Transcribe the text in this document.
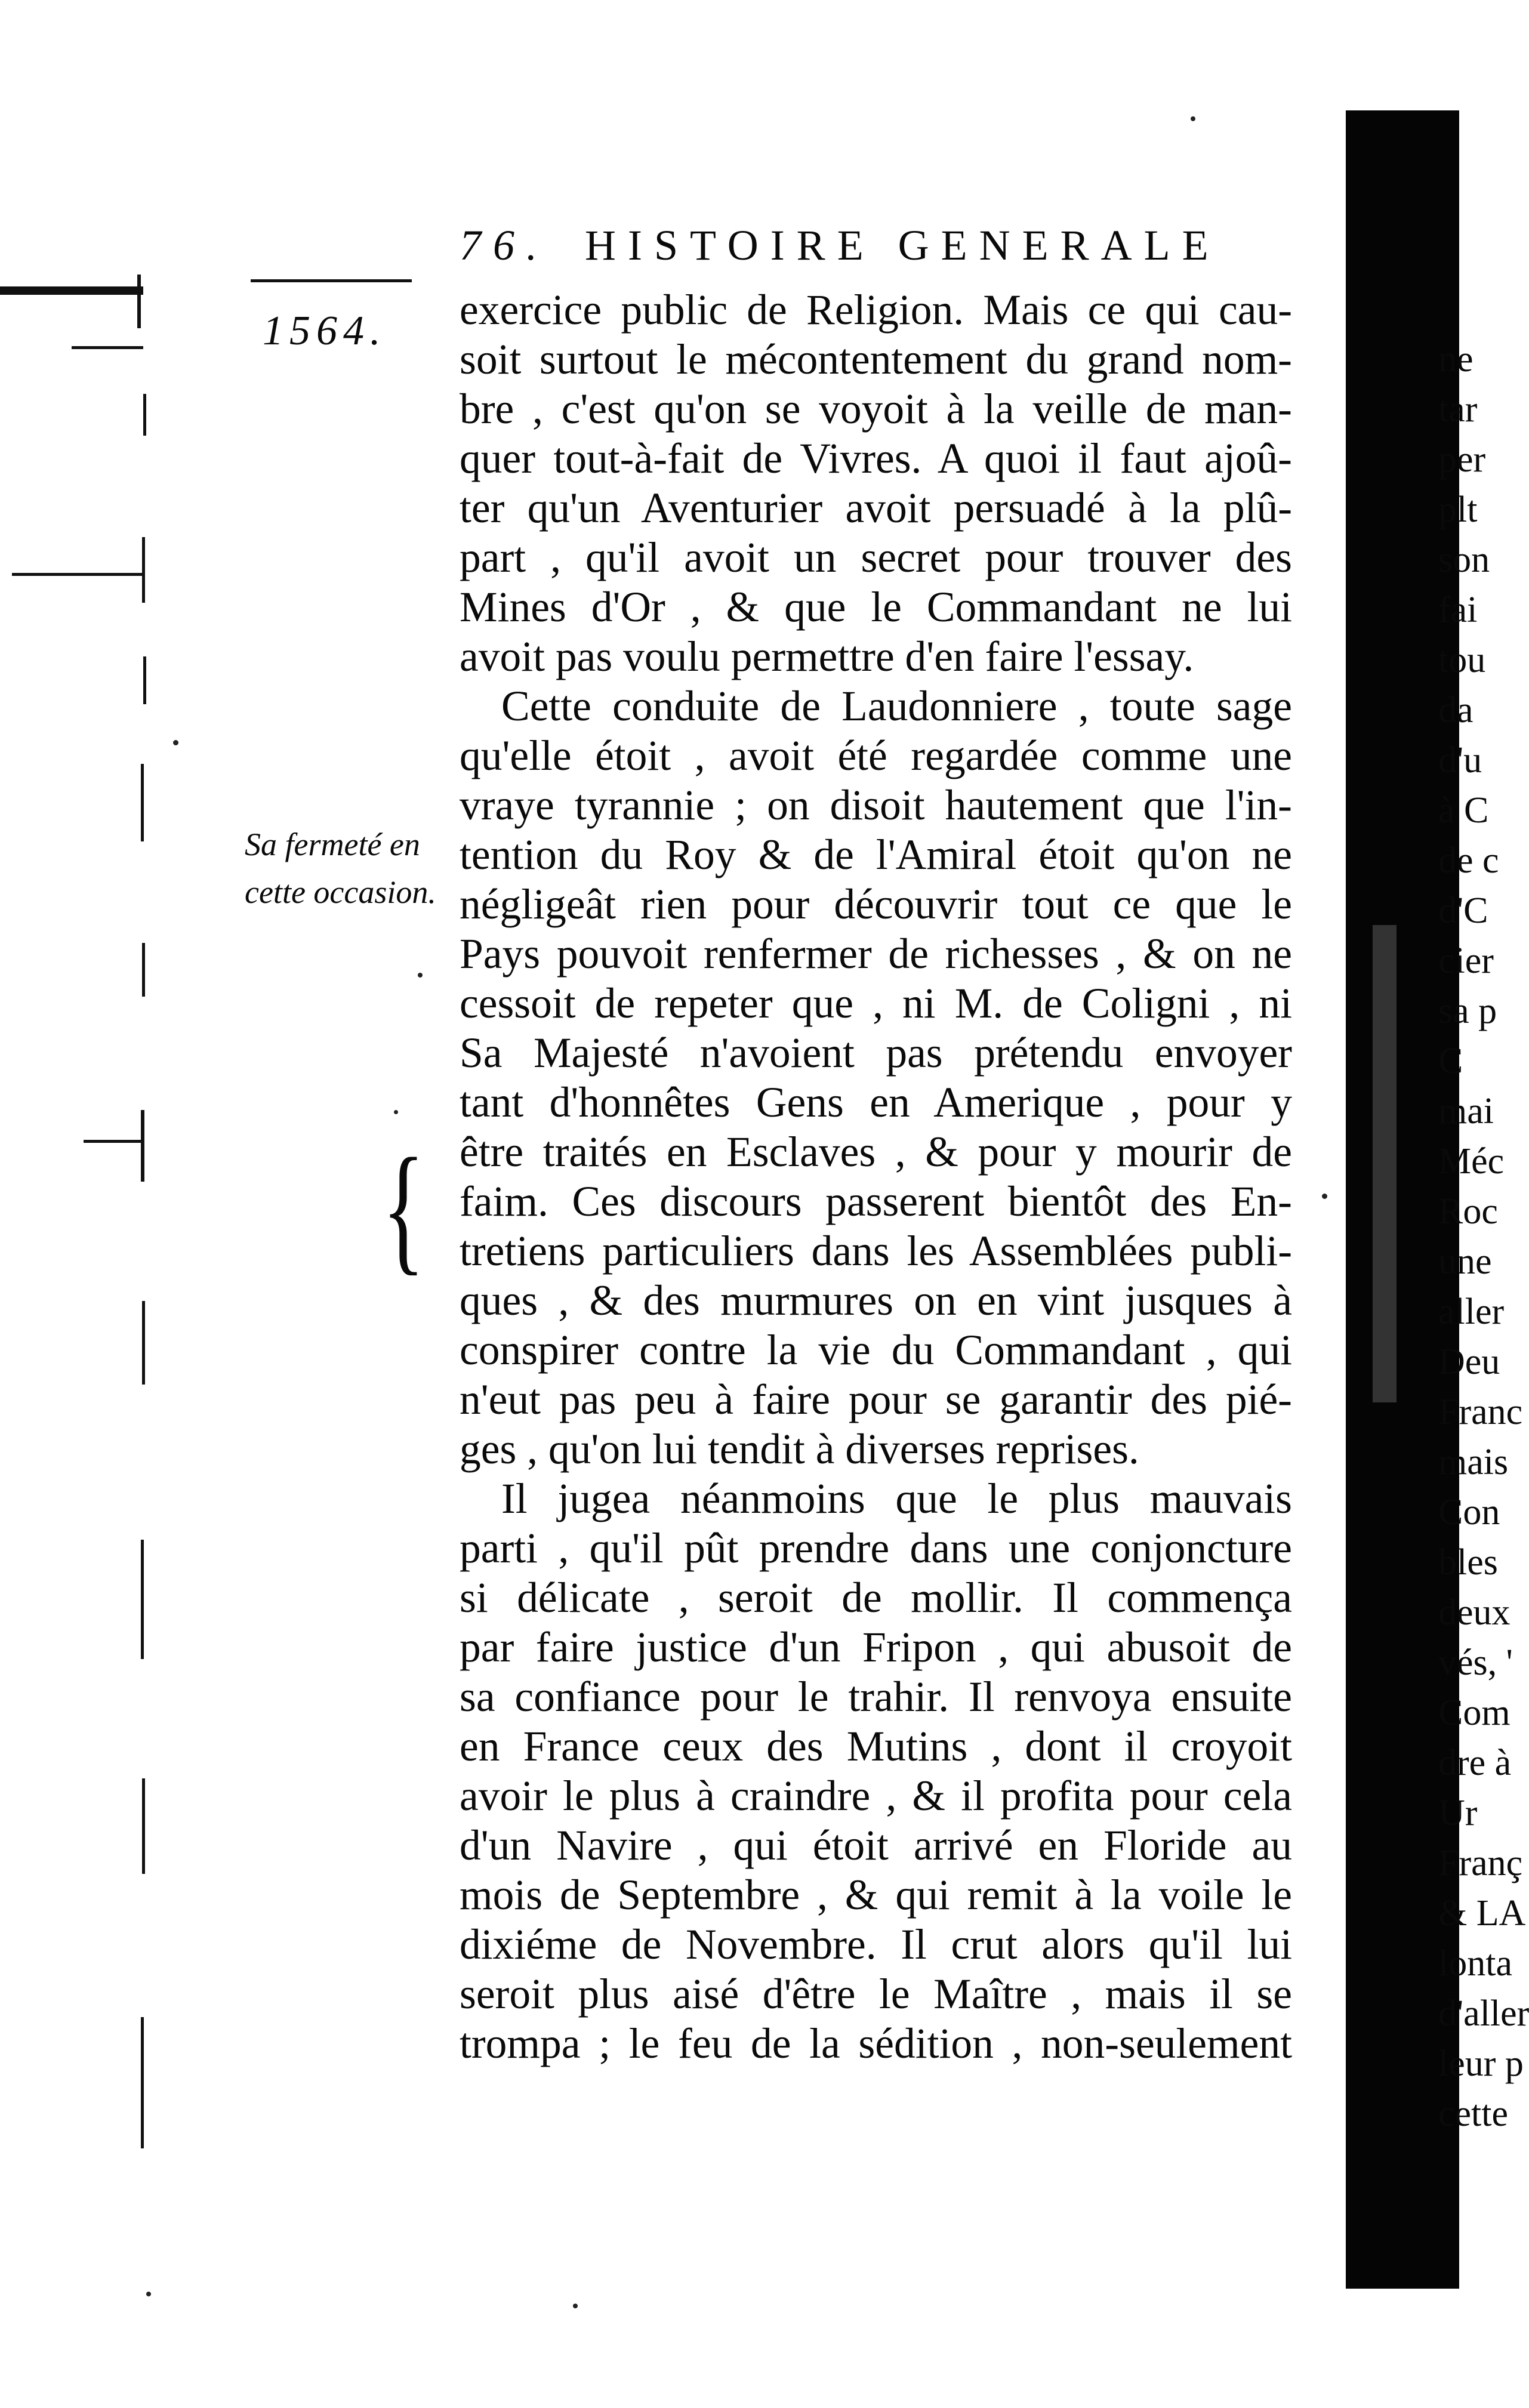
76. HISTOIRE GENERALE
1564.
Sa fermeté en
cette occasion.
{
exercice public de Religion. Mais ce qui cau-
soit surtout le mécontentement du grand nom-
bre , c'est qu'on se voyoit à la veille de man-
quer tout-à-fait de Vivres. A quoi il faut ajoû-
ter qu'un Aventurier avoit persuadé à la plû-
part , qu'il avoit un secret pour trouver des
Mines d'Or , & que le Commandant ne lui
avoit pas voulu permettre d'en faire l'essay.
Cette conduite de Laudonniere , toute sage
qu'elle étoit , avoit été regardée comme une
vraye tyrannie ; on disoit hautement que l'in-
tention du Roy & de l'Amiral étoit qu'on ne
négligeât rien pour découvrir tout ce que le
Pays pouvoit renfermer de richesses , & on ne
cessoit de repeter que , ni M. de Coligni , ni
Sa Majesté n'avoient pas prétendu envoyer
tant d'honnêtes Gens en Amerique , pour y
être traités en Esclaves , & pour y mourir de
faim. Ces discours passerent bientôt des En-
tretiens particuliers dans les Assemblées publi-
ques , & des murmures on en vint jusques à
conspirer contre la vie du Commandant , qui
n'eut pas peu à faire pour se garantir des pié-
ges , qu'on lui tendit à diverses reprises.
Il jugea néanmoins que le plus mauvais
parti , qu'il pût prendre dans une conjoncture
si délicate , seroit de mollir. Il commença
par faire justice d'un Fripon , qui abusoit de
sa confiance pour le trahir. Il renvoya ensuite
en France ceux des Mutins , dont il croyoit
avoir le plus à craindre , & il profita pour cela
d'un Navire , qui étoit arrivé en Floride au
mois de Septembre , & qui remit à la voile le
dixiéme de Novembre. Il crut alors qu'il lui
seroit plus aisé d'être le Maître , mais il se
trompa ; le feu de la sédition , non-seulement
ne
tar
per
plt
son
fai
tou
da
d'u
à C
de c
d'C
cier
sa p
C
mai
Méc
Roc
une
aller
Deu
Franc
mais
Con
bles
deux
vés, '
Com
dre à
Ur
Franç
& LA
lonta
d'aller
leur p
cette
